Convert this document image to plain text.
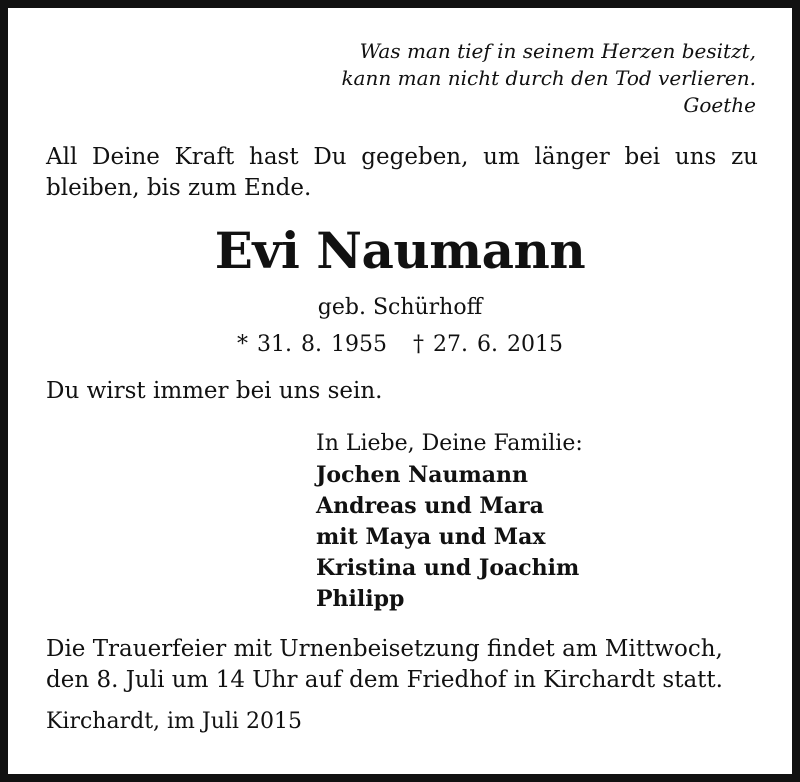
Was man tief in seinem Herzen besitzt,
kann man nicht durch den Tod verlieren.
Goethe
All Deine Kraft hast Du gegeben, um länger bei uns zu bleiben, bis zum Ende.
Evi Naumann
geb. Schürhoff
* 31. 8. 1955 † 27. 6. 2015
Du wirst immer bei uns sein.
In Liebe, Deine Familie:
Jochen Naumann
Andreas und Mara
mit Maya und Max
Kristina und Joachim
Philipp
Die Trauerfeier mit Urnenbeisetzung findet am Mittwoch,
den 8. Juli um 14 Uhr auf dem Friedhof in Kirchardt statt.
Kirchardt, im Juli 2015
